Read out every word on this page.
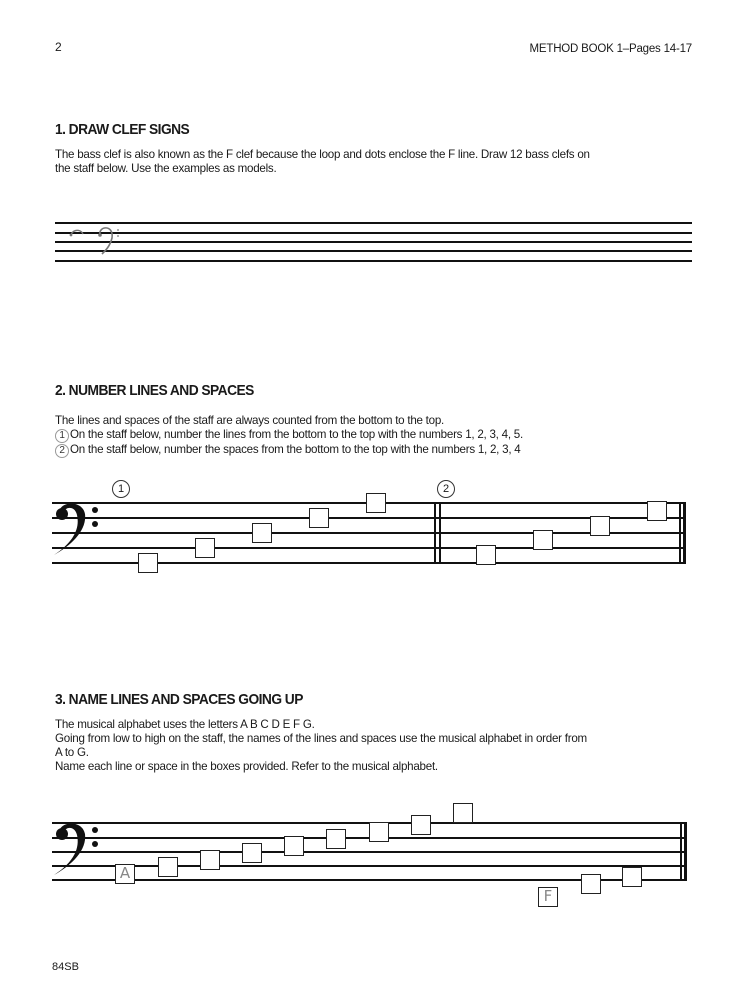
2	METHOD BOOK 1–Pages 14-17
1. DRAW CLEF SIGNS
The bass clef is also known as the F clef because the loop and dots enclose the F line. Draw 12 bass clefs on
the staff below. Use the examples as models.
2. NUMBER LINES AND SPACES
The lines and spaces of the staff are always counted from the bottom to the top.
1 On the staff below, number the lines from the bottom to the top with the numbers 1, 2, 3, 4, 5.
2 On the staff below, number the spaces from the bottom to the top with the numbers 1, 2, 3, 4
1	2
3. NAME LINES AND SPACES GOING UP
The musical alphabet uses the letters A B C D E F G.
Going from low to high on the staff, the names of the lines and spaces use the musical alphabet in order from
A to G.
Name each line or space in the boxes provided. Refer to the musical alphabet.
A
F
84SB
